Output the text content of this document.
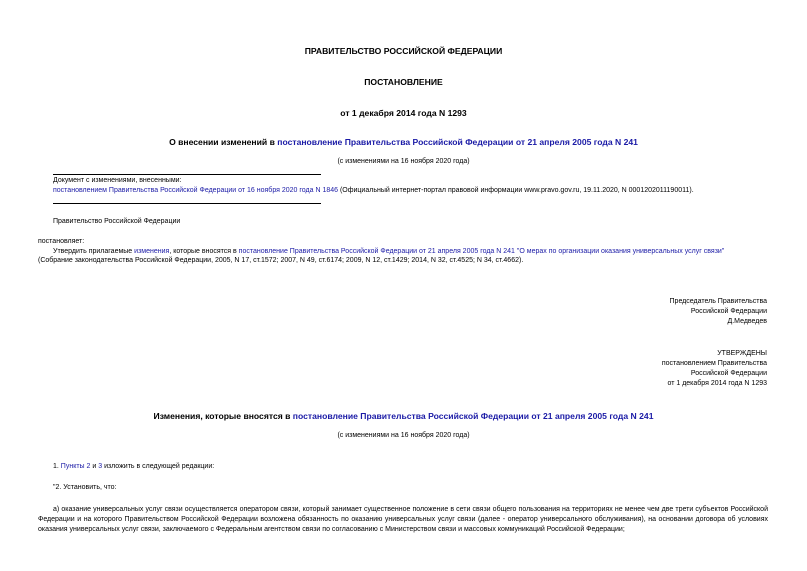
ПРАВИТЕЛЬСТВО РОССИЙСКОЙ ФЕДЕРАЦИИ
ПОСТАНОВЛЕНИЕ
от 1 декабря 2014 года N 1293
О внесении изменений в постановление Правительства Российской Федерации от 21 апреля 2005 года N 241
(с изменениями на 16 ноября 2020 года)
Документ с изменениями, внесенными:
постановлением Правительства Российской Федерации от 16 ноября 2020 года N 1846 (Официальный интернет-портал правовой информации www.pravo.gov.ru, 19.11.2020, N 0001202011190011).
Правительство Российской Федерации
постановляет:
Утвердить прилагаемые изменения, которые вносятся в постановление Правительства Российской Федерации от 21 апреля 2005 года N 241 "О мерах по организации оказания универсальных услуг связи"
(Собрание законодательства Российской Федерации, 2005, N 17, ст.1572; 2007, N 49, ст.6174; 2009, N 12, ст.1429; 2014, N 32, ст.4525; N 34, ст.4662).
Председатель Правительства
Российской Федерации
Д.Медведев
УТВЕРЖДЕНЫ
постановлением Правительства
Российской Федерации
от 1 декабря 2014 года N 1293
Изменения, которые вносятся в постановление Правительства Российской Федерации от 21 апреля 2005 года N 241
(с изменениями на 16 ноября 2020 года)
1. Пункты 2 и 3 изложить в следующей редакции:
"2. Установить, что:
а) оказание универсальных услуг связи осуществляется оператором связи, который занимает существенное положение в сети связи общего пользования на территориях не менее чем две трети субъектов Российской Федерации и на которого Правительством Российской Федерации возложена обязанность по оказанию универсальных услуг связи (далее - оператор универсального обслуживания), на основании договора об условиях оказания универсальных услуг связи, заключаемого с Федеральным агентством связи по согласованию с Министерством связи и массовых коммуникаций Российской Федерации;
